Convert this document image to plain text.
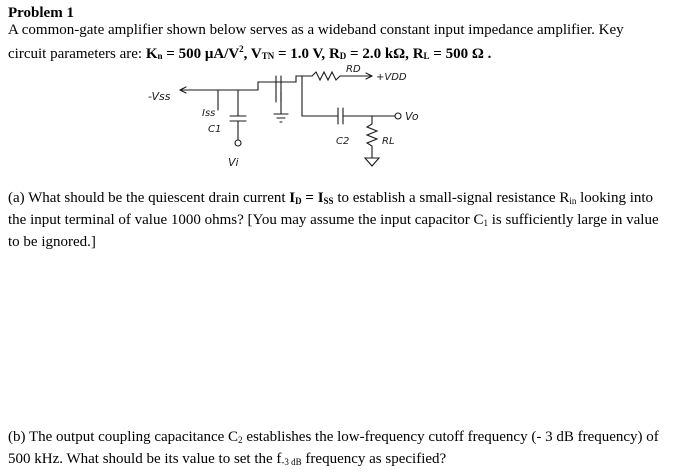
Problem 1
A common-gate amplifier shown below serves as a wideband constant input impedance amplifier. Key
circuit parameters are: $K_n = 500$ $\mu A/V^2$, $V_{TN} = 1.0$ V, $R_D = 2.0$ kΩ, $R_L = 500$ Ω .
-Vss
Iss
C1
Vi
RD
+VDD
C2
Vo
RL
(a) What should be the quiescent drain current $I_D = I_{SS}$ to establish a small-signal resistance $R_{in}$ looking into the input terminal of value 1000 ohms? [You may assume the input capacitor $C_1$ is sufficiently large in value to be ignored.]
(b) The output coupling capacitance $C_2$ establishes the low-frequency cutoff frequency (- 3 dB frequency) of 500 kHz. What should be its value to set the $f_{-3 dB}$ frequency as specified?
